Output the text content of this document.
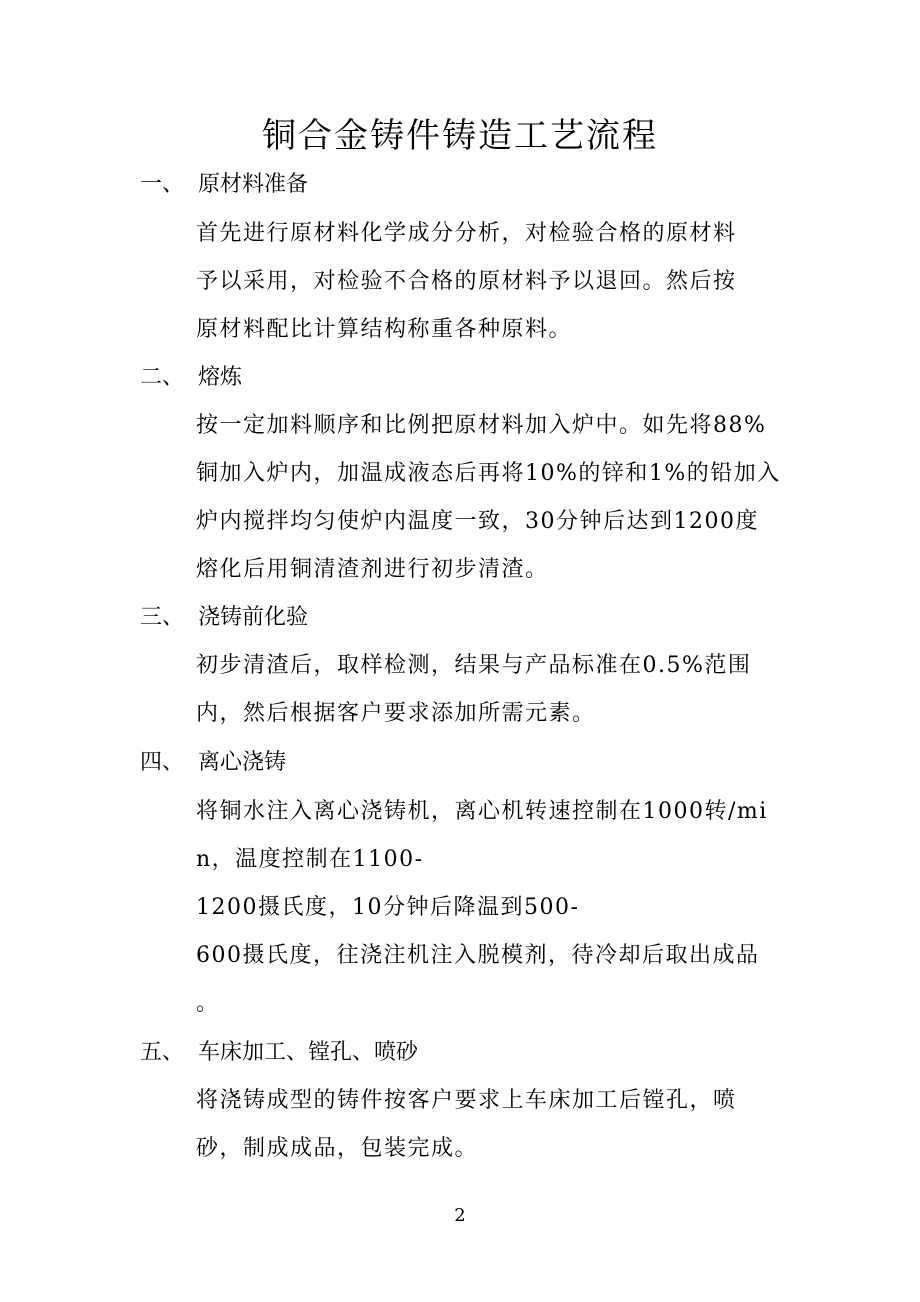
铜合金铸件铸造工艺流程
一、 原材料准备
首先进行原材料化学成分分析，对检验合格的原材料
予以采用，对检验不合格的原材料予以退回。然后按
原材料配比计算结构称重各种原料。
二、 熔炼
按一定加料顺序和比例把原材料加入炉中。如先将88%
铜加入炉内，加温成液态后再将10%的锌和1%的铅加入
炉内搅拌均匀使炉内温度一致，30分钟后达到1200度
熔化后用铜清渣剂进行初步清渣。
三、 浇铸前化验
初步清渣后，取样检测，结果与产品标准在0.5%范围
内，然后根据客户要求添加所需元素。
四、 离心浇铸
将铜水注入离心浇铸机，离心机转速控制在1000转/mi
n，温度控制在1100-
1200摄氏度，10分钟后降温到500-
600摄氏度，往浇注机注入脱模剂，待冷却后取出成品
。
五、 车床加工、镗孔、喷砂
将浇铸成型的铸件按客户要求上车床加工后镗孔，喷
砂，制成成品，包装完成。
2
